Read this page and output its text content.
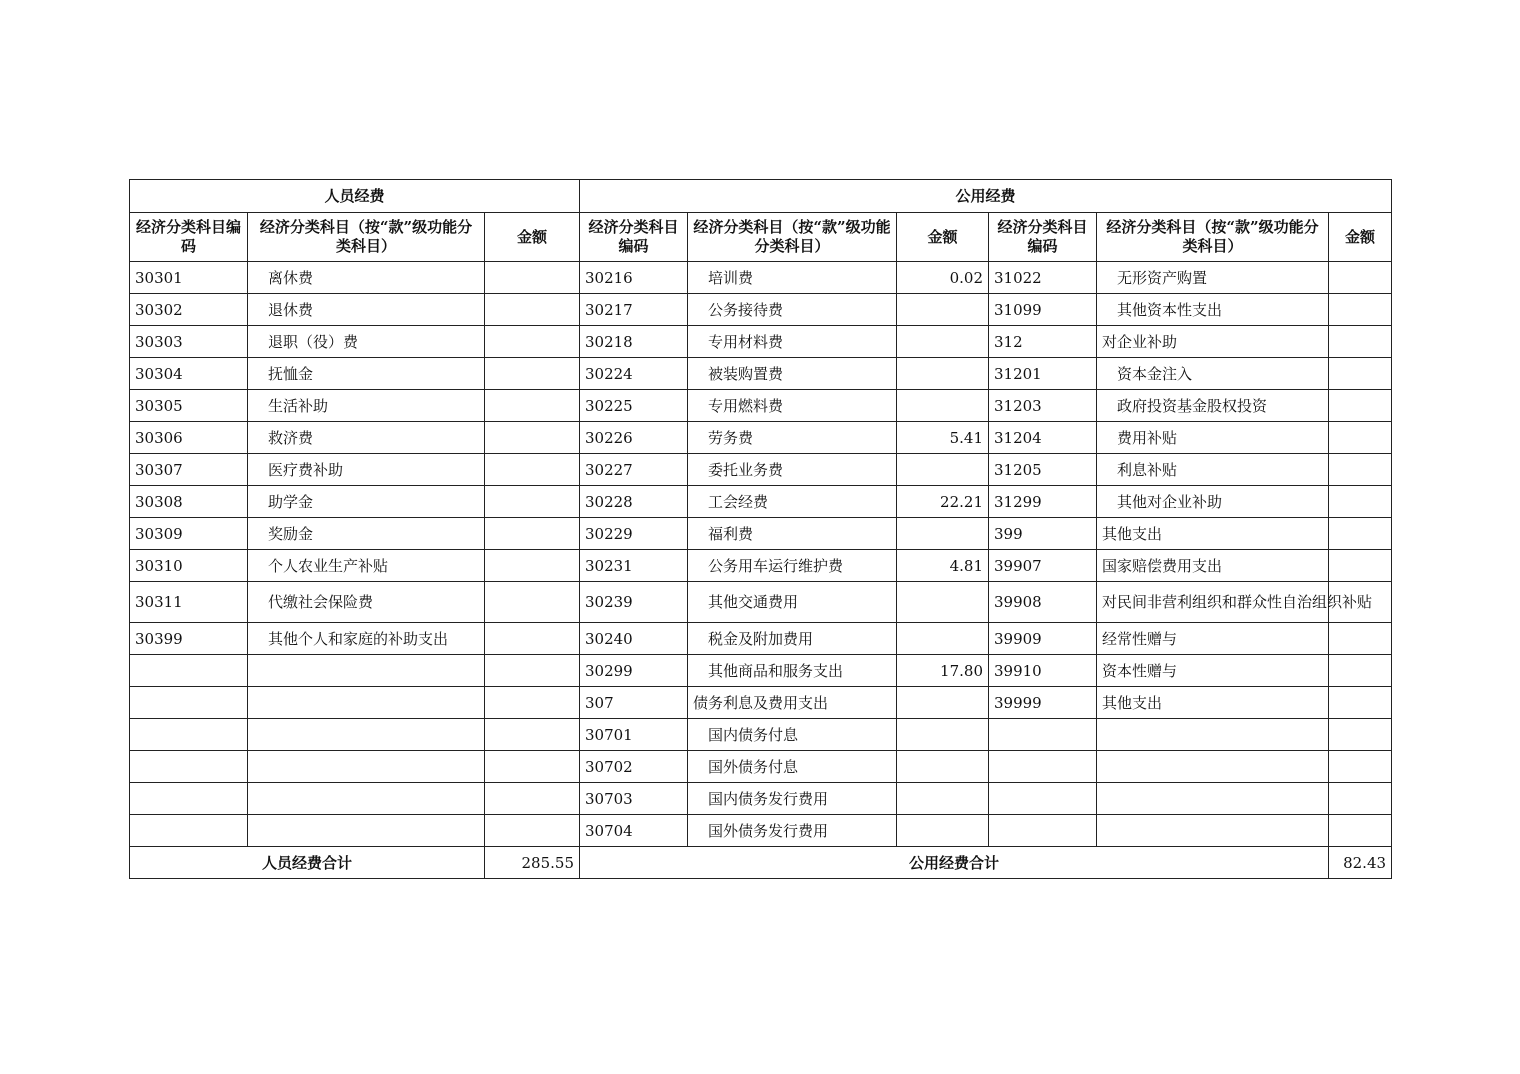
人员经费			公用经费					
经济分类科目编码	经济分类科目（按“款”级功能分类科目）	金额	经济分类科目编码	经济分类科目（按“款”级功能分类科目）	金额	经济分类科目编码	经济分类科目（按“款”级功能分类科目）	金额
30301	离休费		30216	培训费	0.02	31022	无形资产购置	
30302	退休费		30217	公务接待费		31099	其他资本性支出	
30303	退职（役）费		30218	专用材料费		312	对企业补助	
30304	抚恤金		30224	被装购置费		31201	资本金注入	
30305	生活补助		30225	专用燃料费		31203	政府投资基金股权投资	
30306	救济费		30226	劳务费	5.41	31204	费用补贴	
30307	医疗费补助		30227	委托业务费		31205	利息补贴	
30308	助学金		30228	工会经费	22.21	31299	其他对企业补助	
30309	奖励金		30229	福利费		399	其他支出	
30310	个人农业生产补贴		30231	公务用车运行维护费	4.81	39907	国家赔偿费用支出	
30311	代缴社会保险费		30239	其他交通费用		39908	对民间非营利组织和群众性自治组织补贴	
30399	其他个人和家庭的补助支出		30240	税金及附加费用		39909	经常性赠与	
			30299	其他商品和服务支出	17.80	39910	资本性赠与	
			307	债务利息及费用支出		39999	其他支出	
			30701	国内债务付息				
			30702	国外债务付息				
			30703	国内债务发行费用				
			30704	国外债务发行费用				
人员经费合计		285.55	公用经费合计					82.43
